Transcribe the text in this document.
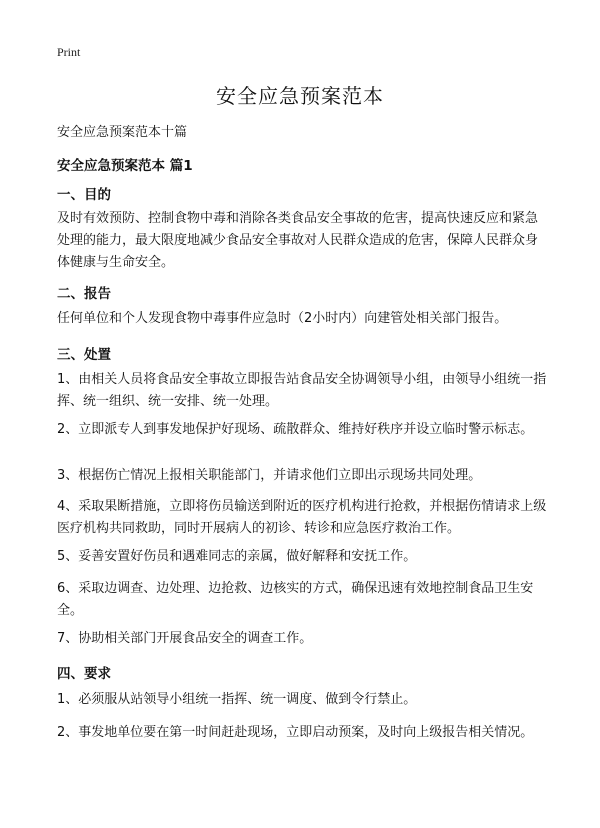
Print
安全应急预案范本

安全应急预案范本十篇

安全应急预案范本 篇1

一、目的

及时有效预防、控制食物中毒和消除各类食品安全事故的危害，提高快速反应和紧急处理的能力，最大限度地减少食品安全事故对人民群众造成的危害，保障人民群众身体健康与生命安全。

二、报告

任何单位和个人发现食物中毒事件应急时（2小时内）向建管处相关部门报告。

三、处置

1、由相关人员将食品安全事故立即报告站食品安全协调领导小组，由领导小组统一指挥、统一组织、统一安排、统一处理。

2、立即派专人到事发地保护好现场、疏散群众、维持好秩序并设立临时警示标志。

3、根据伤亡情况上报相关职能部门，并请求他们立即出示现场共同处理。

4、采取果断措施，立即将伤员输送到附近的医疗机构进行抢救，并根据伤情请求上级医疗机构共同救助，同时开展病人的初诊、转诊和应急医疗救治工作。

5、妥善安置好伤员和遇难同志的亲属，做好解释和安抚工作。

6、采取边调查、边处理、边抢救、边核实的方式，确保迅速有效地控制食品卫生安全。

7、协助相关部门开展食品安全的调查工作。

四、要求

1、必须服从站领导小组统一指挥、统一调度、做到令行禁止。

2、事发地单位要在第一时间赶赴现场，立即启动预案，及时向上级报告相关情况。
